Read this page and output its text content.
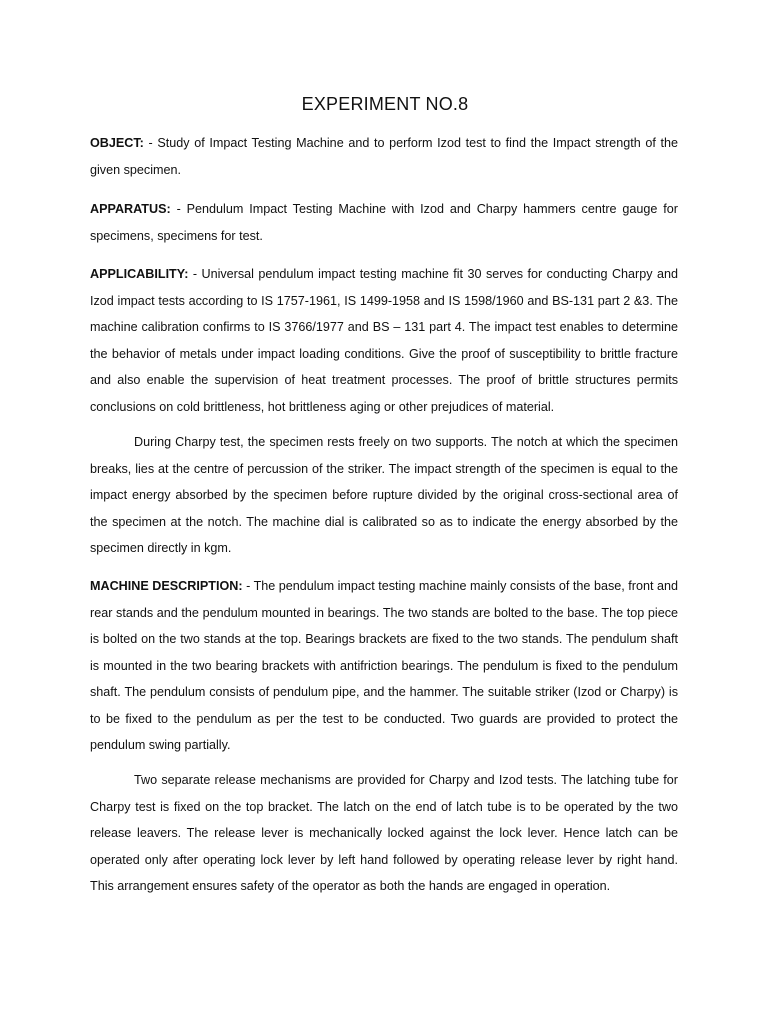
EXPERIMENT NO.8

OBJECT: - Study of Impact Testing Machine and to perform Izod test to find the Impact strength of the given specimen.

APPARATUS: - Pendulum Impact Testing Machine with Izod and Charpy hammers centre gauge for specimens, specimens for test.

APPLICABILITY: - Universal pendulum impact testing machine fit 30 serves for conducting Charpy and Izod impact tests according to IS 1757-1961, IS 1499-1958 and IS 1598/1960 and BS-131 part 2 &3. The machine calibration confirms to IS 3766/1977 and BS – 131 part 4. The impact test enables to determine the behavior of metals under impact loading conditions. Give the proof of susceptibility to brittle fracture and also enable the supervision of heat treatment processes. The proof of brittle structures permits conclusions on cold brittleness, hot brittleness aging or other prejudices of material.

During Charpy test, the specimen rests freely on two supports. The notch at which the specimen breaks, lies at the centre of percussion of the striker. The impact strength of the specimen is equal to the impact energy absorbed by the specimen before rupture divided by the original cross-sectional area of the specimen at the notch. The machine dial is calibrated so as to indicate the energy absorbed by the specimen directly in kgm.

MACHINE DESCRIPTION: - The pendulum impact testing machine mainly consists of the base, front and rear stands and the pendulum mounted in bearings. The two stands are bolted to the base. The top piece is bolted on the two stands at the top. Bearings brackets are fixed to the two stands. The pendulum shaft is mounted in the two bearing brackets with antifriction bearings. The pendulum is fixed to the pendulum shaft. The pendulum consists of pendulum pipe, and the hammer. The suitable striker (Izod or Charpy) is to be fixed to the pendulum as per the test to be conducted. Two guards are provided to protect the pendulum swing partially.

Two separate release mechanisms are provided for Charpy and Izod tests. The latching tube for Charpy test is fixed on the top bracket. The latch on the end of latch tube is to be operated by the two release leavers. The release lever is mechanically locked against the lock lever. Hence latch can be operated only after operating lock lever by left hand followed by operating release lever by right hand. This arrangement ensures safety of the operator as both the hands are engaged in operation.
